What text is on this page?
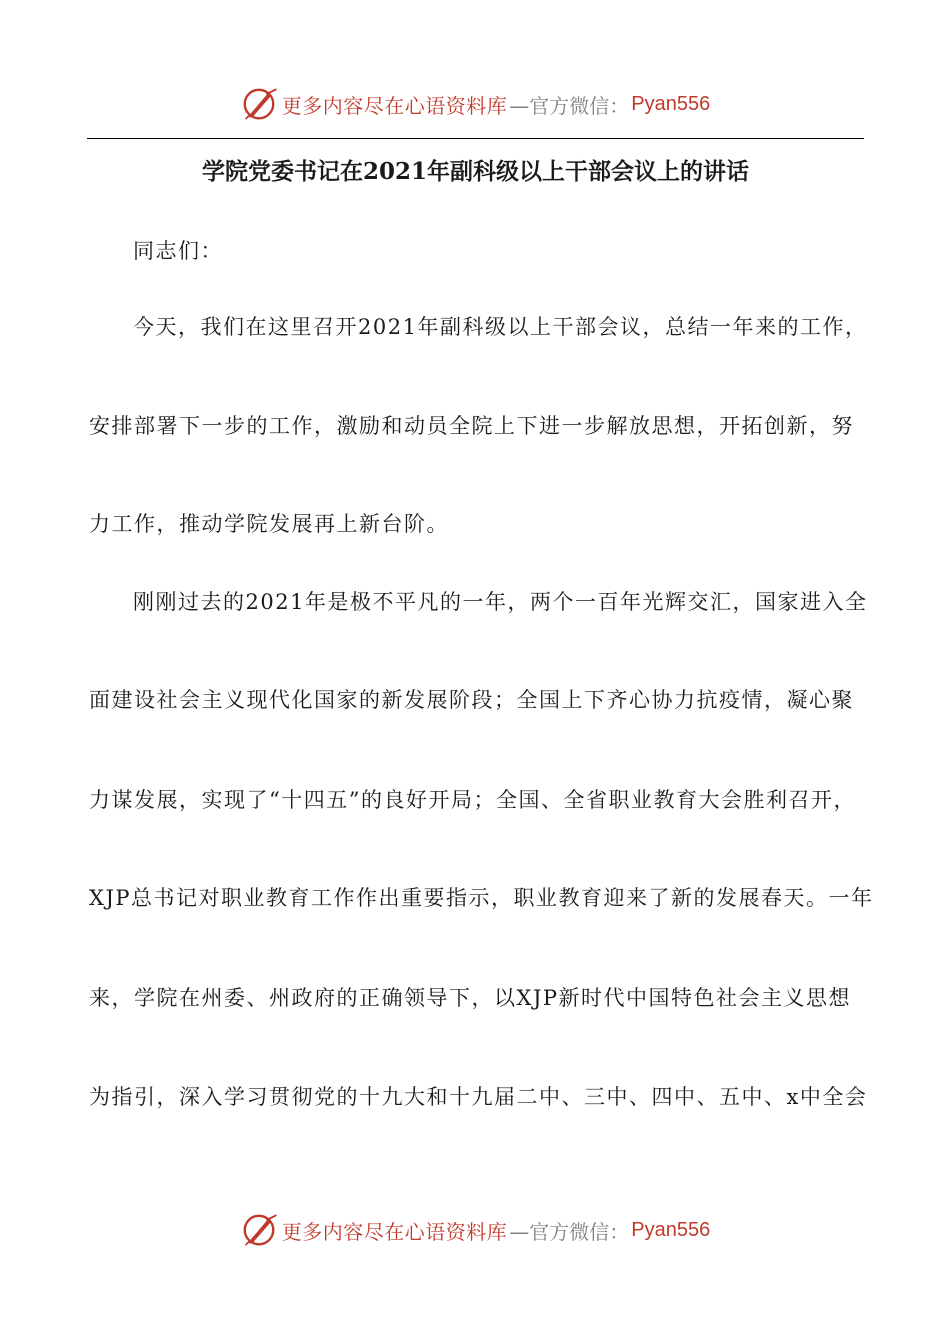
更多内容尽在心语资料库 —官方微信： Pyan556
学院党委书记在2021年副科级以上干部会议上的讲话
同志们：
今天，我们在这里召开2021年副科级以上干部会议，总结一年来的工作，
安排部署下一步的工作，激励和动员全院上下进一步解放思想，开拓创新，努
力工作，推动学院发展再上新台阶。
刚刚过去的2021年是极不平凡的一年，两个一百年光辉交汇，国家进入全
面建设社会主义现代化国家的新发展阶段；全国上下齐心协力抗疫情，凝心聚
力谋发展，实现了“十四五”的良好开局；全国、全省职业教育大会胜利召开，
XJP总书记对职业教育工作作出重要指示，职业教育迎来了新的发展春天。一年
来，学院在州委、州政府的正确领导下，以XJP新时代中国特色社会主义思想
为指引，深入学习贯彻党的十九大和十九届二中、三中、四中、五中、x中全会
更多内容尽在心语资料库 —官方微信： Pyan556
